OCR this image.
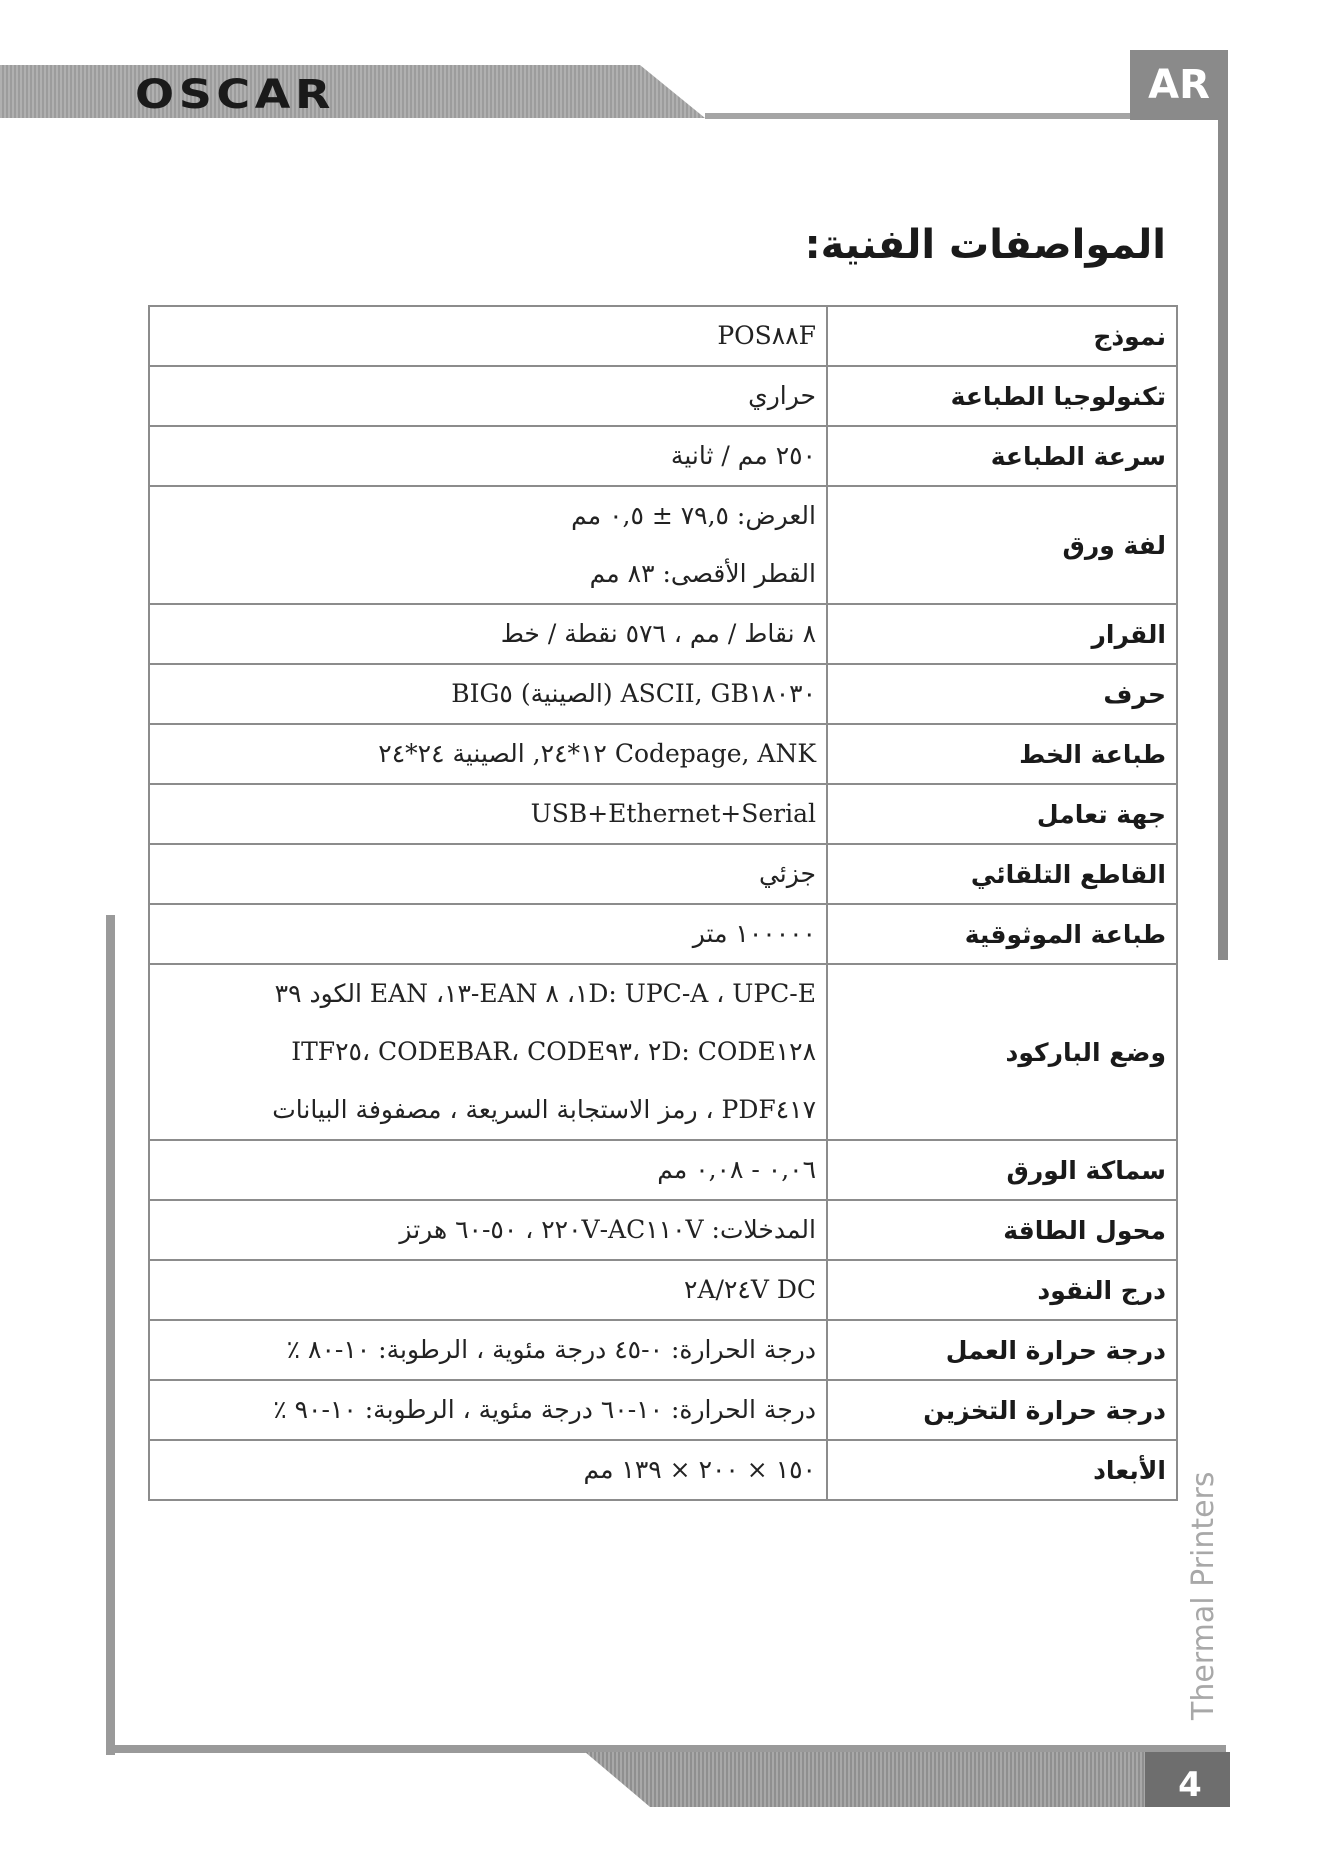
OSCAR	AR
المواصفات الفنية:
نموذج	POS٨٨F

تكنولوجيا الطباعة	حراري

سرعة الطباعة	٢٥٠ مم / ثانية

لفة ورق	العرض: ٧٩,٥ ± ٠,٥ مم
القطر الأقصى: ٨٣ مم

القرار	٨ نقاط / مم ، ٥٧٦ نقطة / خط

حرف	ASCII, GB١٨٠٣٠ (الصينية) BIG٥

طباعة الخط	Codepage, ANK ١٢*٢٤, الصينية ٢٤*٢٤

جهة تعامل	USB+Ethernet+Serial

القاطع التلقائي	جزئي

طباعة الموثوقية	١٠٠٠٠٠ متر

وضع الباركود	١D: UPC-A ، UPC-E، ٨ EAN-١٣، EAN الكود ٣٩
٢D: CODE١٢٨ ،CODEBAR، CODE٩٣ ،ITF٢٥
PDF٤١٧ ، رمز الاستجابة السريعة ، مصفوفة البيانات

سماكة الورق	٠,٠٦ - ٠,٠٨ مم

محول الطاقة	المدخلات: AC١١٠V-٢٢٠V ، ٥٠-٦٠ هرتز

درج النقود	٢A/٢٤V DC

درجة حرارة العمل	درجة الحرارة: ٠-٤٥ درجة مئوية ، الرطوبة: ١٠-٨٠ ٪

درجة حرارة التخزين	درجة الحرارة: ١٠-٦٠ درجة مئوية ، الرطوبة: ١٠-٩٠ ٪

الأبعاد	١٥٠ × ٢٠٠ × ١٣٩ مم
Thermal Printers
4
